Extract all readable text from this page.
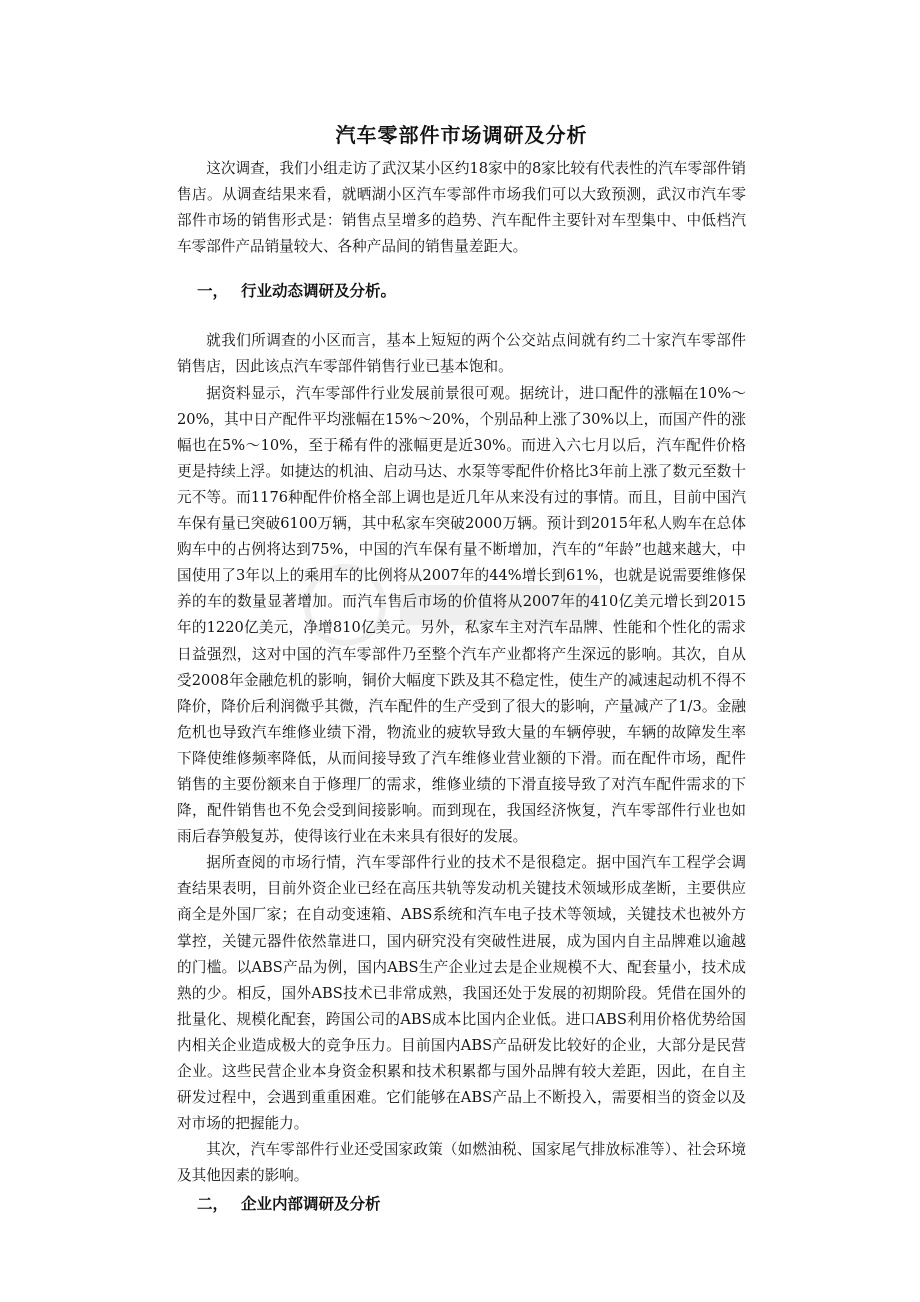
汽车零部件市场调研及分析

这次调查，我们小组走访了武汉某小区约18家中的8家比较有代表性的汽车零部件销售店。从调查结果来看，就晒湖小区汽车零部件市场我们可以大致预测，武汉市汽车零部件市场的销售形式是：销售点呈增多的趋势、汽车配件主要针对车型集中、中低档汽车零部件产品销量较大、各种产品间的销售量差距大。

一， 行业动态调研及分析。

就我们所调查的小区而言，基本上短短的两个公交站点间就有约二十家汽车零部件销售店，因此该点汽车零部件销售行业已基本饱和。

据资料显示，汽车零部件行业发展前景很可观。据统计，进口配件的涨幅在10%～20%，其中日产配件平均涨幅在15%～20%，个别品种上涨了30%以上，而国产件的涨幅也在5%～10%，至于稀有件的涨幅更是近30%。而进入六七月以后，汽车配件价格更是持续上浮。如捷达的机油、启动马达、水泵等零配件价格比3年前上涨了数元至数十元不等。而1176种配件价格全部上调也是近几年从来没有过的事情。而且，目前中国汽车保有量已突破6100万辆，其中私家车突破2000万辆。预计到2015年私人购车在总体购车中的占例将达到75%，中国的汽车保有量不断增加，汽车的“年龄”也越来越大，中国使用了3年以上的乘用车的比例将从2007年的44%增长到61%，也就是说需要维修保养的车的数量显著增加。而汽车售后市场的价值将从2007年的410亿美元增长到2015年的1220亿美元，净增810亿美元。另外，私家车主对汽车品牌、性能和个性化的需求日益强烈，这对中国的汽车零部件乃至整个汽车产业都将产生深远的影响。其次，自从受2008年金融危机的影响，铜价大幅度下跌及其不稳定性，使生产的减速起动机不得不降价，降价后利润微乎其微，汽车配件的生产受到了很大的影响，产量减产了1/3。金融危机也导致汽车维修业绩下滑，物流业的疲软导致大量的车辆停驶，车辆的故障发生率下降使维修频率降低，从而间接导致了汽车维修业营业额的下滑。而在配件市场，配件销售的主要份额来自于修理厂的需求，维修业绩的下滑直接导致了对汽车配件需求的下降，配件销售也不免会受到间接影响。而到现在，我国经济恢复，汽车零部件行业也如雨后春笋般复苏，使得该行业在未来具有很好的发展。

据所查阅的市场行情，汽车零部件行业的技术不是很稳定。据中国汽车工程学会调查结果表明，目前外资企业已经在高压共轨等发动机关键技术领域形成垄断，主要供应商全是外国厂家；在自动变速箱、ABS系统和汽车电子技术等领域，关键技术也被外方掌控，关键元器件依然靠进口，国内研究没有突破性进展，成为国内自主品牌难以逾越的门槛。以ABS产品为例，国内ABS生产企业过去是企业规模不大、配套量小，技术成熟的少。相反，国外ABS技术已非常成熟，我国还处于发展的初期阶段。凭借在国外的批量化、规模化配套，跨国公司的ABS成本比国内企业低。进口ABS利用价格优势给国内相关企业造成极大的竞争压力。目前国内ABS产品研发比较好的企业，大部分是民营企业。这些民营企业本身资金积累和技术积累都与国外品牌有较大差距，因此，在自主研发过程中，会遇到重重困难。它们能够在ABS产品上不断投入，需要相当的资金以及对市场的把握能力。

其次，汽车零部件行业还受国家政策（如燃油税、国家尾气排放标准等）、社会环境及其他因素的影响。

二， 企业内部调研及分析
